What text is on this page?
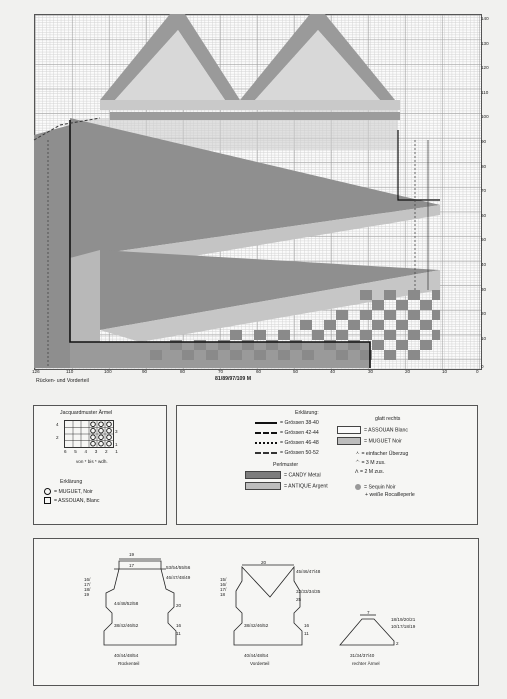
140
130
120
110
100
90
80
70
60
50
40
30
20
10
0
126	110	100	90	80	70	60	50	40	30	20	10	0
Rücken- und Vorderteil	81/89/97/109 M
Jacquardmuster Ärmel
4
2
3
1
6 5 4 3 2 1
von * bis * wdh.
Erklärung
= MUGUET, Noir
= ASSOUAN, Blanc
Erklärung:
= Grössen 38-40
= Grössen 42-44
= Grössen 46-48
= Grössen 50-52
Perlmuster
= CANDY Metal
= ANTIQUE Argent
glatt rechts
= ASSOUAN Blanc
= MUGUET Noir
ㅅ = einfacher Überzug
ᄉ = 3 M zus.
ᐱ = 2 M zus.
= Sequin Noir
+ weiße Rocailleperle
19
17	53/54/55/56
46/47/48/49
16/
17/
18/
19
44/48/52/58	20
38/42/46/52	16
11
40/44/48/54
Rückenteil
20
45/46/47/48
32/33/34/35
25
15/
16/
17/
18
38/42/46/52	16
11
40/44/48/54
Vorderteil
7
18/19/20/21
10/17/18/19
2
31/34/37/40
rechter Ärmel
